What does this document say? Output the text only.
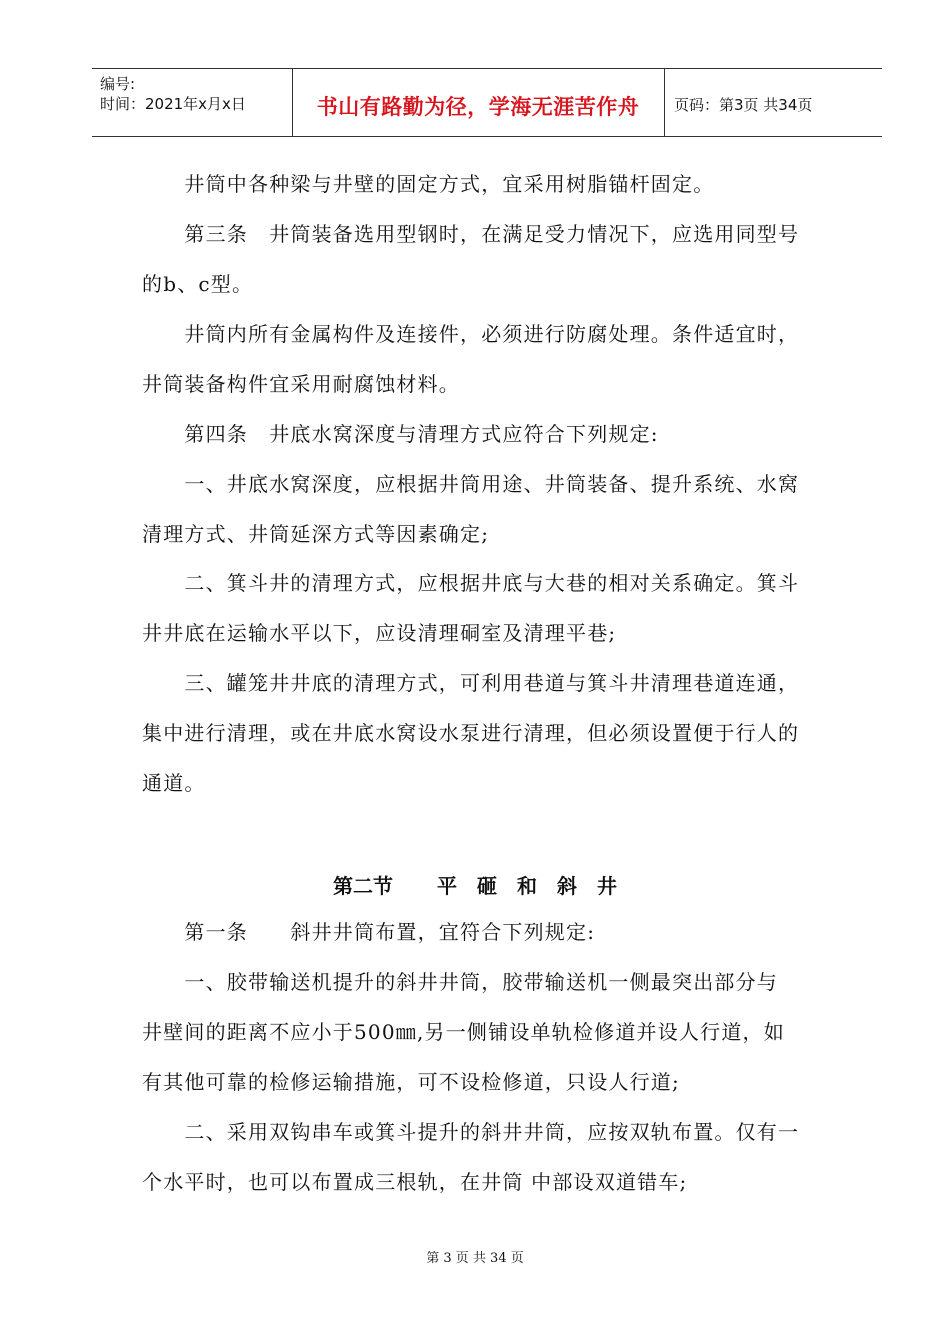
编号:
时间：2021年x月x日	书山有路勤为径，学海无涯苦作舟	页码：第3页 共34页
　　井筒中各种梁与井壁的固定方式，宜采用树脂锚杆固定。
　　第三条　井筒装备选用型钢时，在满足受力情况下，应选用同型号
的b、c型。
　　井筒内所有金属构件及连接件，必须进行防腐处理。条件适宜时，
井筒装备构件宜采用耐腐蚀材料。
　　第四条　井底水窝深度与清理方式应符合下列规定:
　　一、井底水窝深度，应根据井筒用途、井筒装备、提升系统、水窝
清理方式、井筒延深方式等因素确定;
　　二、箕斗井的清理方式，应根据井底与大巷的相对关系确定。箕斗
井井底在运输水平以下，应设清理硐室及清理平巷;
　　三、罐笼井井底的清理方式，可利用巷道与箕斗井清理巷道连通，
集中进行清理，或在井底水窝设水泵进行清理，但必须设置便于行人的
通道。
第二节 平　砸　和　斜　井
　　第一条　　斜井井筒布置，宜符合下列规定:
　　一、胶带输送机提升的斜井井筒，胶带输送机一侧最突出部分与
井壁间的距离不应小于500㎜,另一侧铺设单轨检修道并设人行道，如
有其他可靠的检修运输措施，可不设检修道，只设人行道;
　　二、采用双钩串车或箕斗提升的斜井井筒，应按双轨布置。仅有一
个水平时，也可以布置成三根轨，在井筒 中部设双道错车;
第 3 页 共 34 页
